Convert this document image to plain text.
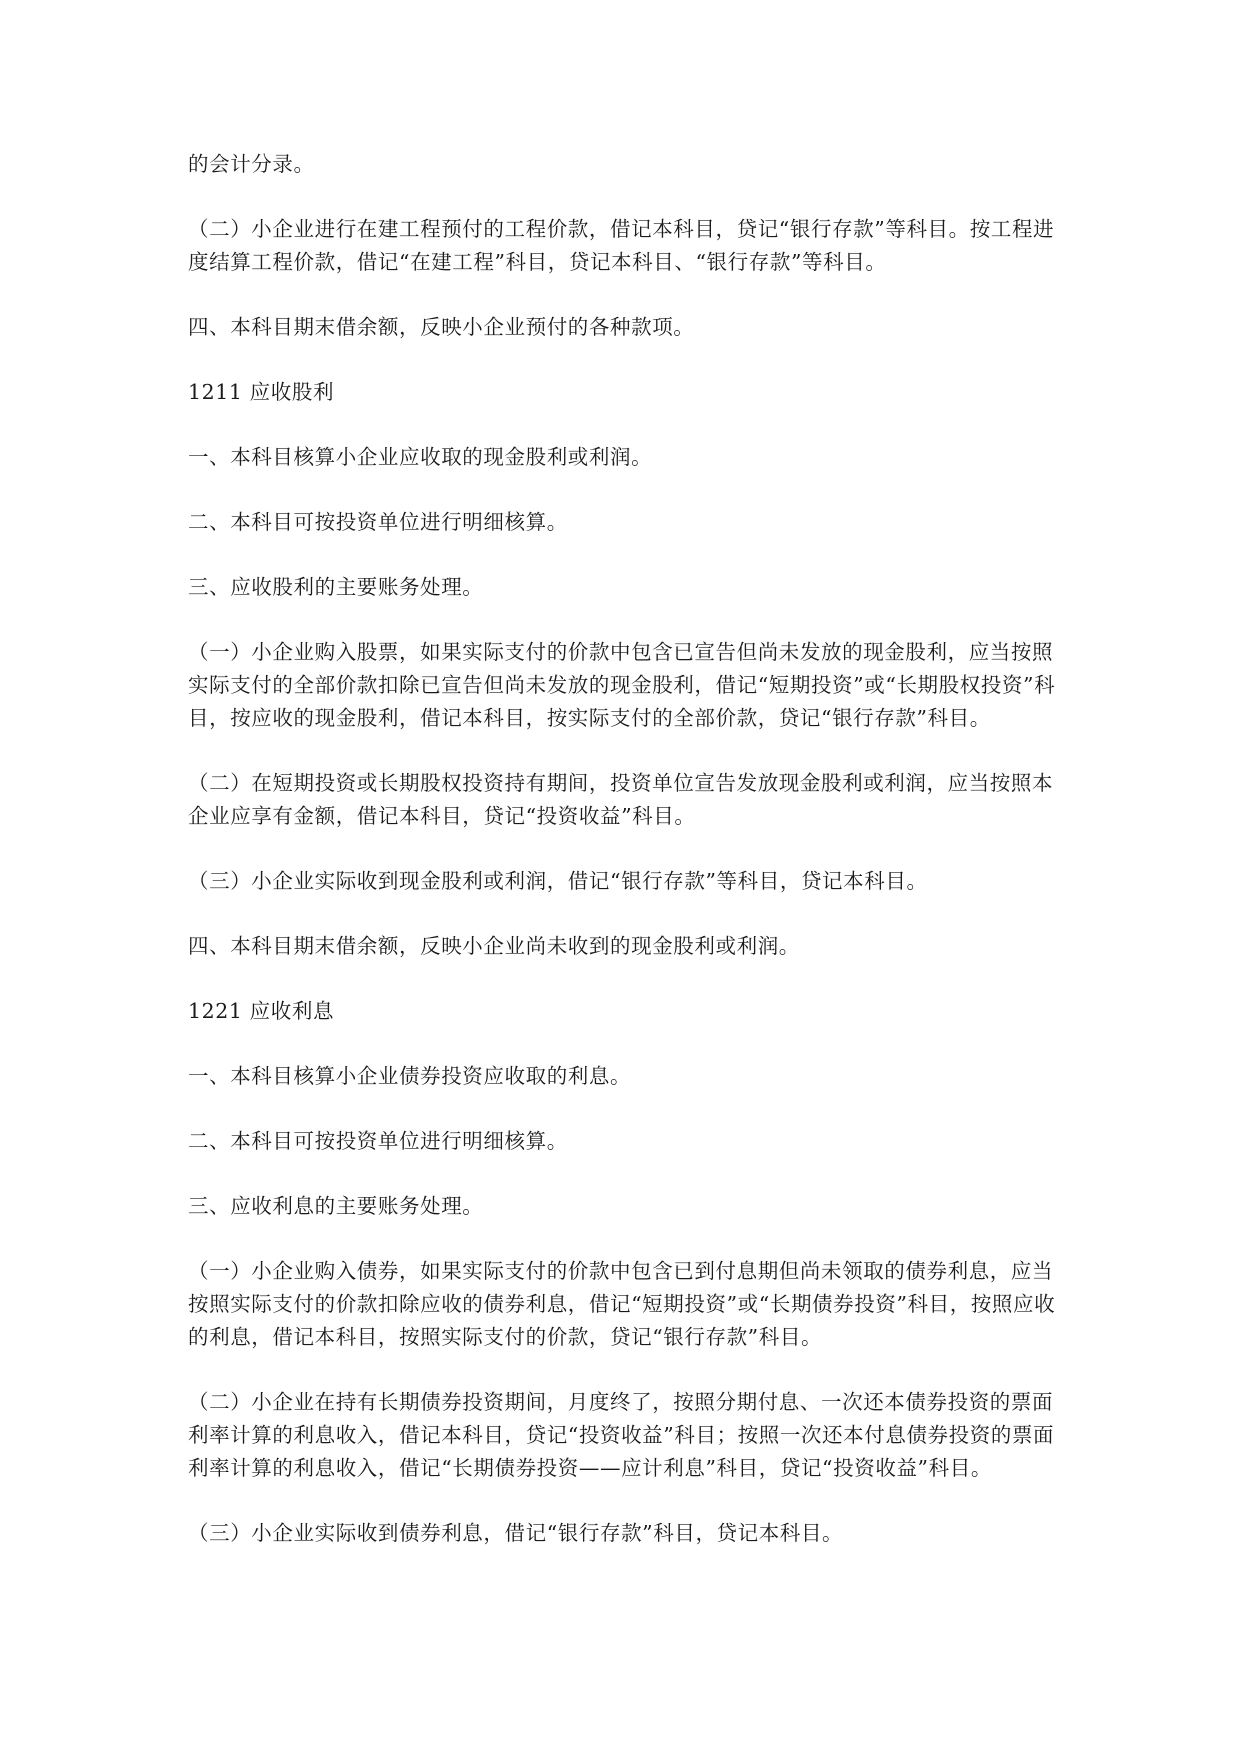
的会计分录。

（二）小企业进行在建工程预付的工程价款，借记本科目，贷记“银行存款”等科目。按工程进度结算工程价款，借记“在建工程”科目，贷记本科目、“银行存款”等科目。

四、本科目期末借余额，反映小企业预付的各种款项。

1211 应收股利

一、本科目核算小企业应收取的现金股利或利润。

二、本科目可按投资单位进行明细核算。

三、应收股利的主要账务处理。

（一）小企业购入股票，如果实际支付的价款中包含已宣告但尚未发放的现金股利，应当按照实际支付的全部价款扣除已宣告但尚未发放的现金股利，借记“短期投资”或“长期股权投资”科目，按应收的现金股利，借记本科目，按实际支付的全部价款，贷记“银行存款”科目。

（二）在短期投资或长期股权投资持有期间，投资单位宣告发放现金股利或利润，应当按照本企业应享有金额，借记本科目，贷记“投资收益”科目。

（三）小企业实际收到现金股利或利润，借记“银行存款”等科目，贷记本科目。

四、本科目期末借余额，反映小企业尚未收到的现金股利或利润。

1221 应收利息

一、本科目核算小企业债券投资应收取的利息。

二、本科目可按投资单位进行明细核算。

三、应收利息的主要账务处理。

（一）小企业购入债券，如果实际支付的价款中包含已到付息期但尚未领取的债券利息，应当按照实际支付的价款扣除应收的债券利息，借记“短期投资”或“长期债券投资”科目，按照应收的利息，借记本科目，按照实际支付的价款，贷记“银行存款”科目。

（二）小企业在持有长期债券投资期间，月度终了，按照分期付息、一次还本债券投资的票面利率计算的利息收入，借记本科目，贷记“投资收益”科目；按照一次还本付息债券投资的票面利率计算的利息收入，借记“长期债券投资——应计利息”科目，贷记“投资收益”科目。

（三）小企业实际收到债券利息，借记“银行存款”科目，贷记本科目。
